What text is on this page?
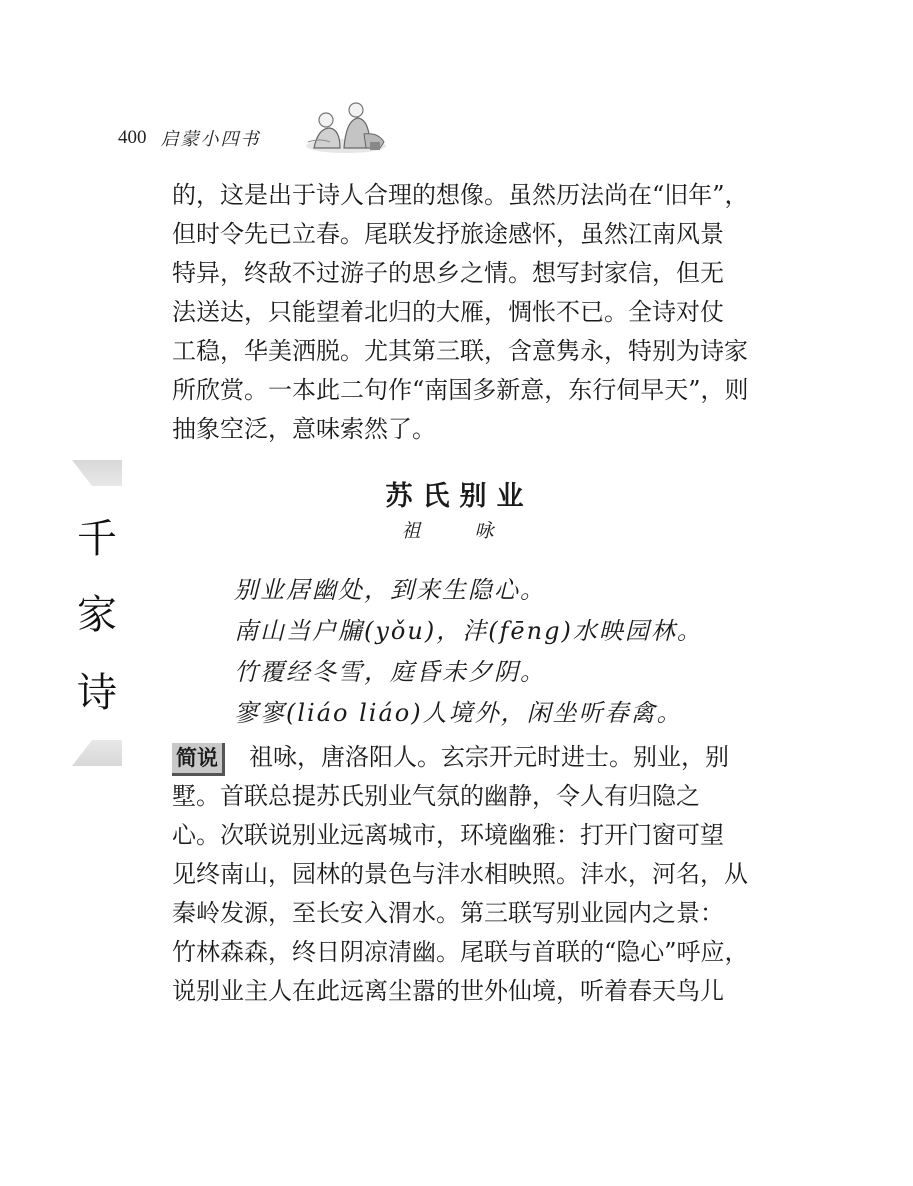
400 启蒙小四书

的，这是出于诗人合理的想像。虽然历法尚在“旧年”，
但时令先已立春。尾联发抒旅途感怀，虽然江南风景
特异，终敌不过游子的思乡之情。想写封家信，但无
法送达，只能望着北归的大雁，惆怅不已。全诗对仗
工稳，华美洒脱。尤其第三联，含意隽永，特别为诗家
所欣赏。一本此二句作“南国多新意，东行伺早天”，则
抽象空泛，意味索然了。

千
家
诗
苏氏别业
祖 咏
别业居幽处，到来生隐心。
南山当户牖(yǒu)，沣(fēng)水映园林。
竹覆经冬雪，庭昏未夕阴。
寥寥(liáo liáo)人境外，闲坐听春禽。

简说 祖咏，唐洛阳人。玄宗开元时进士。别业，别
墅。首联总提苏氏别业气氛的幽静，令人有归隐之
心。次联说别业远离城市，环境幽雅：打开门窗可望
见终南山，园林的景色与沣水相映照。沣水，河名，从
秦岭发源，至长安入渭水。第三联写别业园内之景：
竹林森森，终日阴凉清幽。尾联与首联的“隐心”呼应，
说别业主人在此远离尘嚣的世外仙境，听着春天鸟儿
